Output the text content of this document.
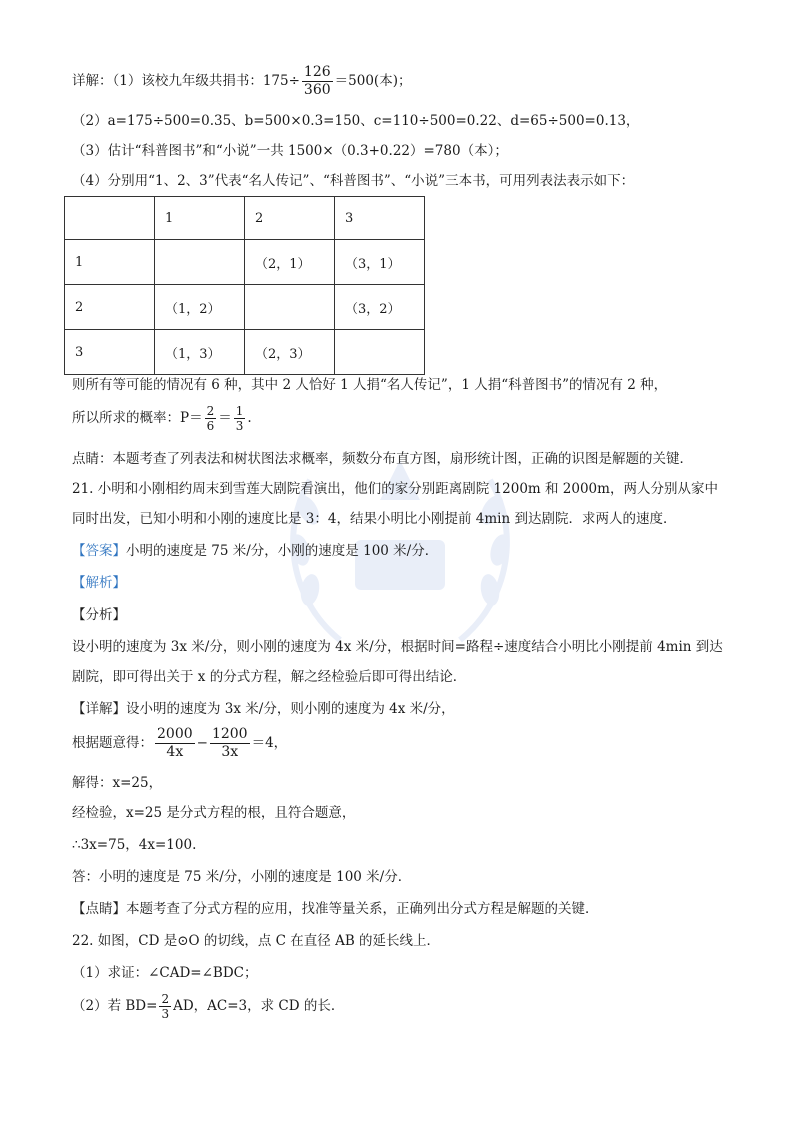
详解：（1）该校九年级共捐书：$175\div \frac{126}{360} =500$(本)；
（2）a=175÷500=0.35、b=500×0.3=150、c=110÷500=0.22、d=65÷500=0.13，
（3）估计“科普图书”和“小说”一共 1500×（0.3+0.22）=780（本）；
（4）分别用“1、2、3”代表“名人传记”、“科普图书”、“小说”三本书，可用列表法表示如下：
	1	2	3
1		（2，1）	（3，1）
2	（1，2）		（3，2）
3	（1，3）	（2，3）	
则所有等可能的情况有 6 种，其中 2 人恰好 1 人捐“名人传记”，1 人捐“科普图书”的情况有 2 种，
所以所求的概率：$P= \frac{2}{6} = \frac{1}{3}$ .
点睛：本题考查了列表法和树状图法求概率，频数分布直方图，扇形统计图，正确的识图是解题的关键．
21. 小明和小刚相约周末到雪莲大剧院看演出，他们的家分别距离剧院 1200m 和 2000m，两人分别从家中
同时出发，已知小明和小刚的速度比是 3：4，结果小明比小刚提前 4min 到达剧院．求两人的速度．
【答案】小明的速度是 75 米/分，小刚的速度是 100 米/分．
【解析】
【分析】
设小明的速度为 3x 米/分，则小刚的速度为 4x 米/分，根据时间=路程÷速度结合小明比小刚提前 4min 到达
剧院，即可得出关于 x 的分式方程，解之经检验后即可得出结论．
【详解】设小明的速度为 3x 米/分，则小刚的速度为 4x 米/分，
根据题意得： $\frac{2000}{4x} - \frac{1200}{3x} =4$，
解得：x=25，
经检验，x=25 是分式方程的根，且符合题意，
∴3x=75，4x=100.
答：小明的速度是 75 米/分，小刚的速度是 100 米/分．
【点睛】本题考查了分式方程的应用，找准等量关系，正确列出分式方程是解题的关键．
22. 如图，CD 是⊙O 的切线，点 C 在直径 AB 的延长线上．
（1）求证：∠CAD=∠BDC；
（2）若 $BD= \frac{2}{3}$ AD，AC=3，求 CD 的长．
